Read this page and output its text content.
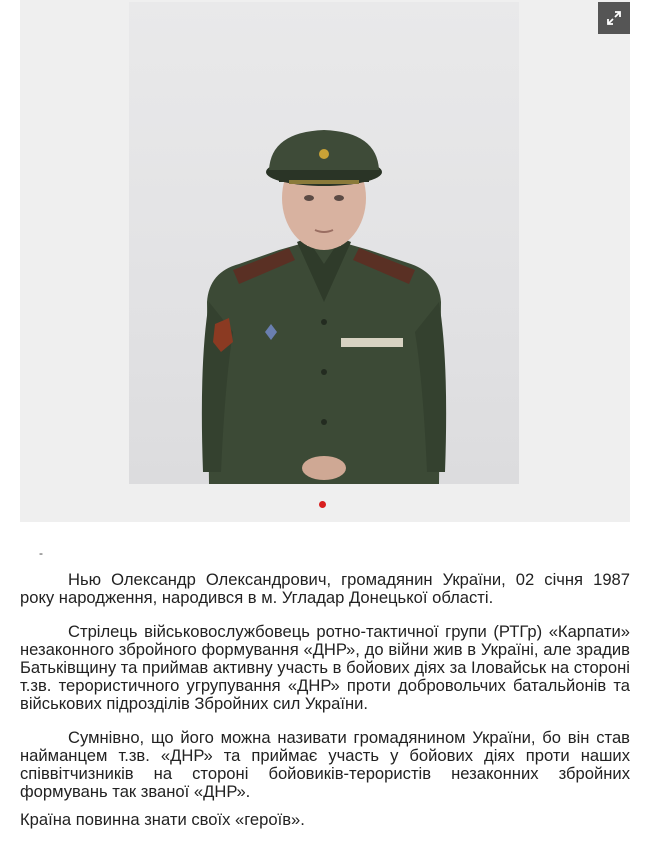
-

Нью Олександр Олександрович, громадянин України, 02 січня 1987 року народження, народився в м. Угладар Донецької області.

Стрілець військовослужбовець ротно-тактичної групи (РТГр) «Карпати» незаконного збройного формування «ДНР», до війни жив в Україні, але зрадив Батьківщину та приймав активну участь в бойових діях за Іловайськ на стороні т.зв. терористичного угрупування «ДНР» проти добровольчих батальйонів та військових підрозділів Збройних сил України.

Сумнівно, що його можна називати громадянином України, бо він став найманцем т.зв. «ДНР» та приймає участь у бойових діях проти наших співвітчизників на стороні бойовиків-терористів незаконних збройних формувань так званої «ДНР».

Країна повинна знати своїх «героїв».
